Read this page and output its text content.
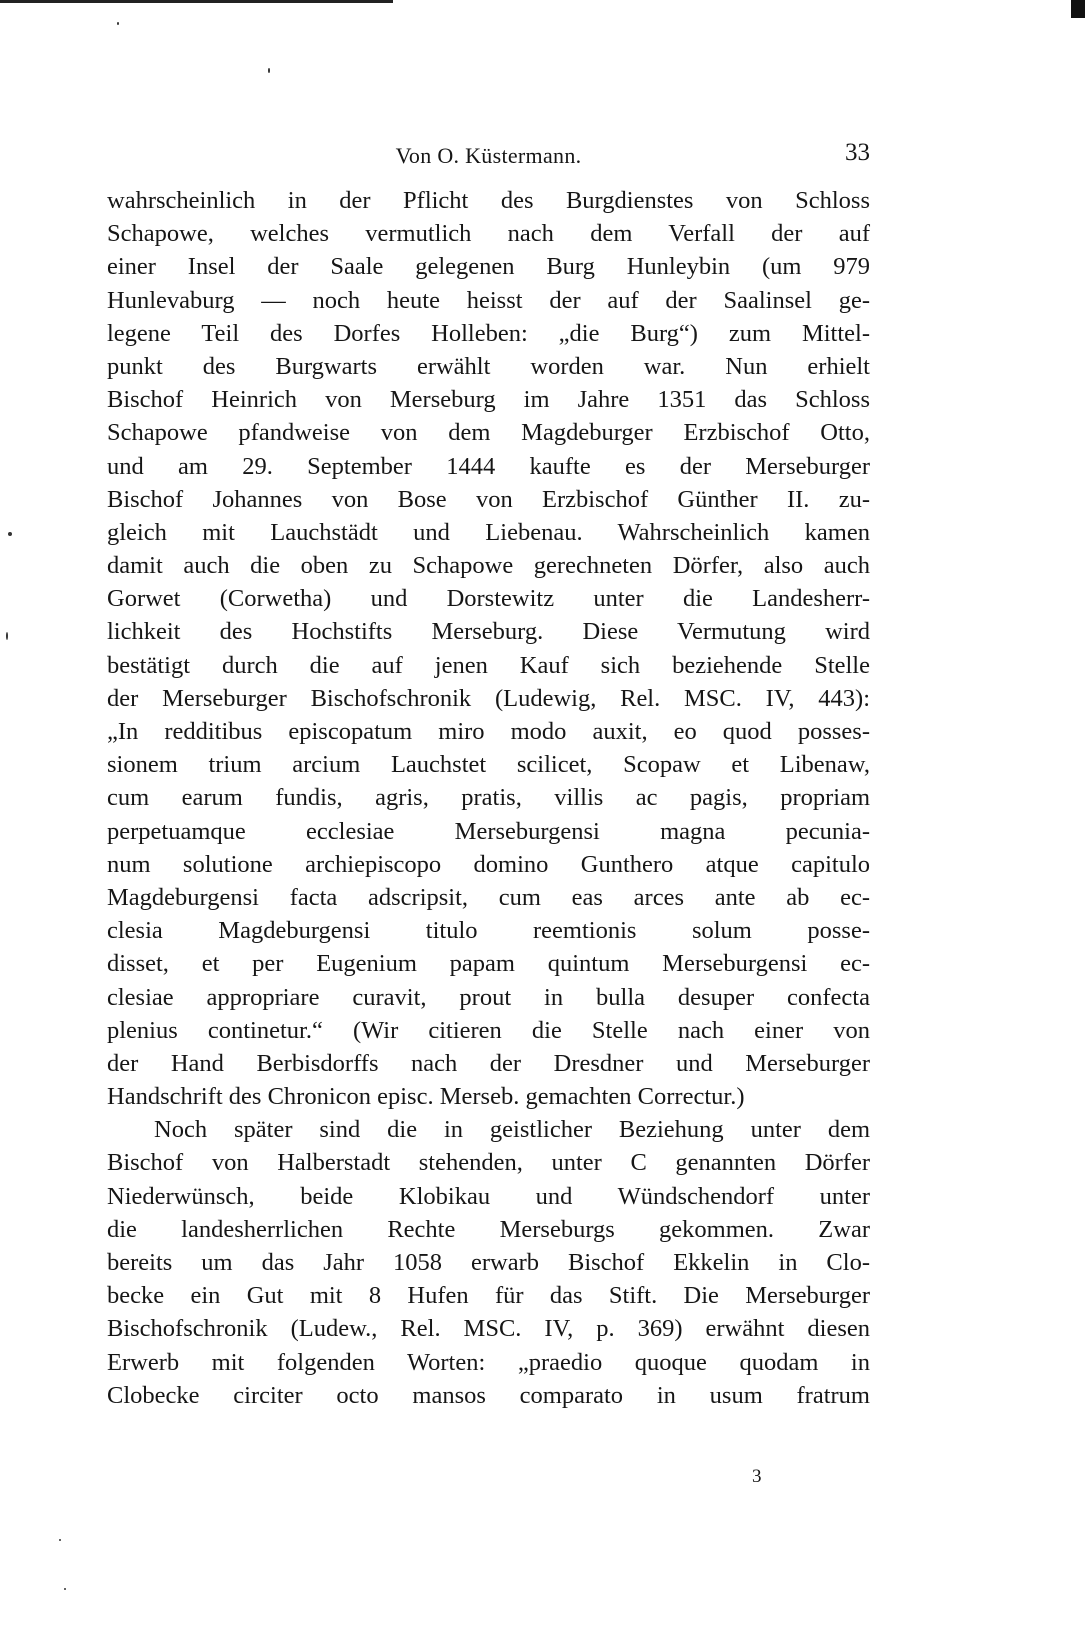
Von O. Küstermann.	33
wahrscheinlich in der Pflicht des Burgdienstes von Schloss
Schapowe, welches vermutlich nach dem Verfall der auf
einer Insel der Saale gelegenen Burg Hunleybin (um 979
Hunlevaburg — noch heute heisst der auf der Saalinsel ge-
legene Teil des Dorfes Holleben: „die Burg“) zum Mittel-
punkt des Burgwarts erwählt worden war. Nun erhielt
Bischof Heinrich von Merseburg im Jahre 1351 das Schloss
Schapowe pfandweise von dem Magdeburger Erzbischof Otto,
und am 29. September 1444 kaufte es der Merseburger
Bischof Johannes von Bose von Erzbischof Günther II. zu-
gleich mit Lauchstädt und Liebenau. Wahrscheinlich kamen
damit auch die oben zu Schapowe gerechneten Dörfer, also auch
Gorwet (Corwetha) und Dorstewitz unter die Landesherr-
lichkeit des Hochstifts Merseburg. Diese Vermutung wird
bestätigt durch die auf jenen Kauf sich beziehende Stelle
der Merseburger Bischofschronik (Ludewig, Rel. MSC. IV, 443):
„In redditibus episcopatum miro modo auxit, eo quod posses-
sionem trium arcium Lauchstet scilicet, Scopaw et Libenaw,
cum earum fundis, agris, pratis, villis ac pagis, propriam
perpetuamque ecclesiae Merseburgensi magna pecunia-
num solutione archiepiscopo domino Gunthero atque capitulo
Magdeburgensi facta adscripsit, cum eas arces ante ab ec-
clesia Magdeburgensi titulo reemtionis solum posse-
disset, et per Eugenium papam quintum Merseburgensi ec-
clesiae appropriare curavit, prout in bulla desuper confecta
plenius continetur.“ (Wir citieren die Stelle nach einer von
der Hand Berbisdorffs nach der Dresdner und Merseburger
Handschrift des Chronicon episc. Merseb. gemachten Correctur.)
Noch später sind die in geistlicher Beziehung unter dem
Bischof von Halberstadt stehenden, unter C genannten Dörfer
Niederwünsch, beide Klobikau und Wündschendorf unter
die landesherrlichen Rechte Merseburgs gekommen. Zwar
bereits um das Jahr 1058 erwarb Bischof Ekkelin in Clo-
becke ein Gut mit 8 Hufen für das Stift. Die Merseburger
Bischofschronik (Ludew., Rel. MSC. IV, p. 369) erwähnt diesen
Erwerb mit folgenden Worten: „praedio quoque quodam in
Clobecke circiter octo mansos comparato in usum fratrum
3
